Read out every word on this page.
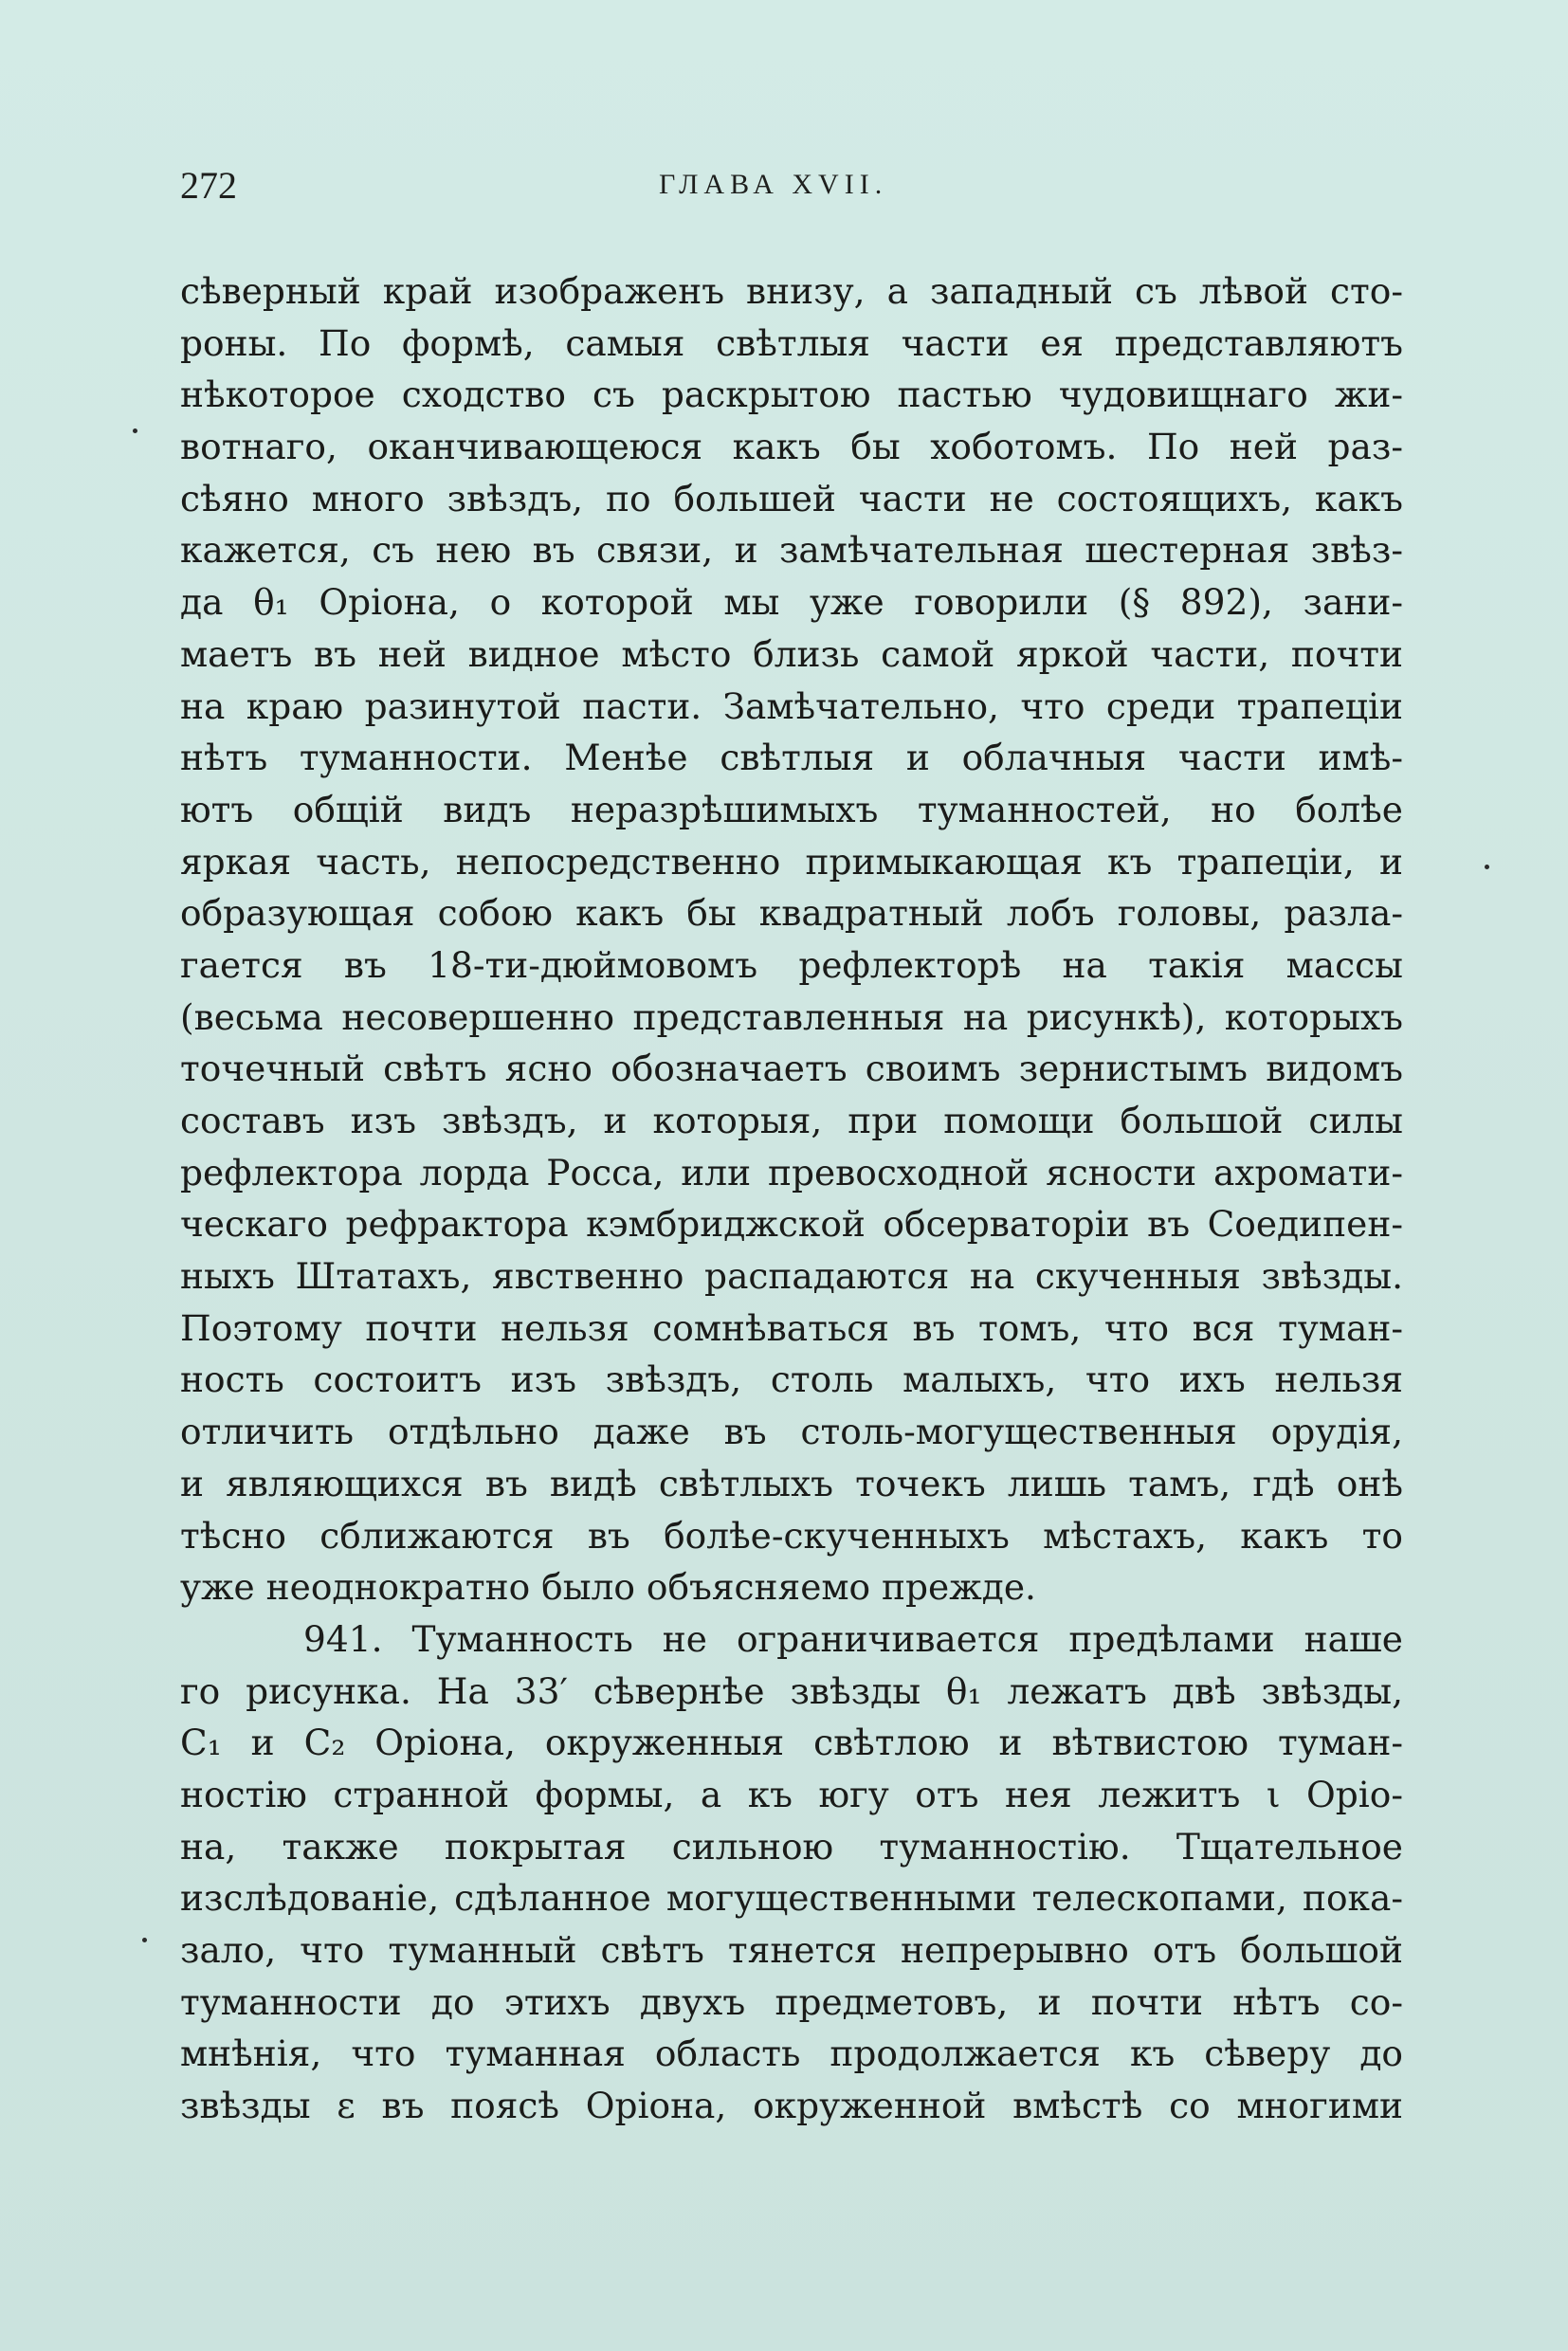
272	ГЛАВА XVII.
сѣверный край изображенъ внизу, а западный съ лѣвой сто-
роны. По формѣ, самыя свѣтлыя части ея представляютъ
нѣкоторое сходство съ раскрытою пастью чудовищнаго жи-
вотнаго, оканчивающеюся какъ бы хоботомъ. По ней раз-
сѣяно много звѣздъ, по большей части не состоящихъ, какъ
кажется, съ нею въ связи, и замѣчательная шестерная звѣз-
да θ₁ Оріона, о которой мы уже говорили (§ 892), зани-
маетъ въ ней видное мѣсто близь самой яркой части, почти
на краю разинутой пасти. Замѣчательно, что среди трапеціи
нѣтъ туманности. Менѣе свѣтлыя и облачныя части имѣ-
ютъ общій видъ неразрѣшимыхъ туманностей, но болѣе
яркая часть, непосредственно примыкающая къ трапеціи, и
образующая собою какъ бы квадратный лобъ головы, разла-
гается въ 18-ти-дюймовомъ рефлекторѣ на такія массы
(весьма несовершенно представленныя на рисункѣ), которыхъ
точечный свѣтъ ясно обозначаетъ своимъ зернистымъ видомъ
составъ изъ звѣздъ, и которыя, при помощи большой силы
рефлектора лорда Росса, или превосходной ясности ахромати-
ческаго рефрактора кэмбриджской обсерваторіи въ Соедипен-
ныхъ Штатахъ, явственно распадаются на скученныя звѣзды.
Поэтому почти нельзя сомнѣваться въ томъ, что вся туман-
ность состоитъ изъ звѣздъ, столь малыхъ, что ихъ нельзя
отличить отдѣльно даже въ столь-могущественныя орудія,
и являющихся въ видѣ свѣтлыхъ точекъ лишь тамъ, гдѣ онѣ
тѣсно сближаются въ болѣе-скученныхъ мѣстахъ, какъ то
уже неоднократно было объясняемо прежде.
941. Туманность не ограничивается предѣлами наше
го рисунка. На 33′ сѣвернѣе звѣзды θ₁ лежатъ двѣ звѣзды,
C₁ и C₂ Оріона, окруженныя свѣтлою и вѣтвистою туман-
ностію странной формы, а къ югу отъ нея лежитъ ι Оріо-
на, также покрытая сильною туманностію. Тщательное
изслѣдованіе, сдѣланное могущественными телескопами, пока-
зало, что туманный свѣтъ тянется непрерывно отъ большой
туманности до этихъ двухъ предметовъ, и почти нѣтъ со-
мнѣнія, что туманная область продолжается къ сѣверу до
звѣзды ε въ поясѣ Оріона, окруженной вмѣстѣ со многими
